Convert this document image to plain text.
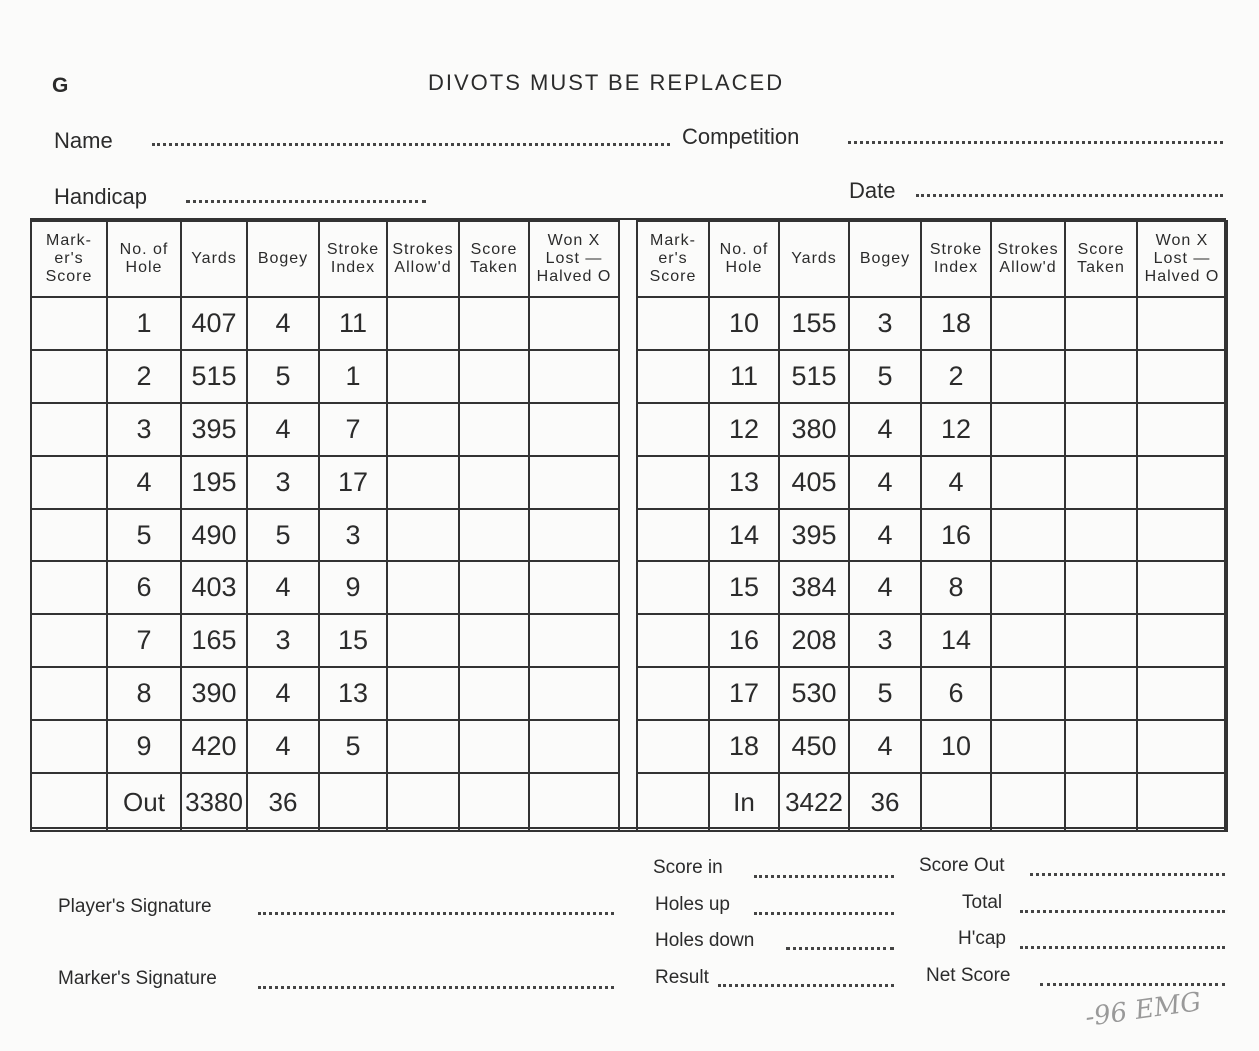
G	DIVOTS MUST BE REPLACED
Name	Competition
Handicap	Date
Mark-er's Score	No. of Hole	Yards	Bogey	Stroke Index	Strokes Allow'd	Score Taken	Won X Lost — Halved O
	1	407	4	11			
	2	515	5	1			
	3	395	4	7			
	4	195	3	17			
	5	490	5	3			
	6	403	4	9			
	7	165	3	15			
	8	390	4	13			
	9	420	4	5			
	Out	3380	36				
Mark-er's Score	No. of Hole	Yards	Bogey	Stroke Index	Strokes Allow'd	Score Taken	Won X Lost — Halved O
	10	155	3	18			
	11	515	5	2			
	12	380	4	12			
	13	405	4	4			
	14	395	4	16			
	15	384	4	8			
	16	208	3	14			
	17	530	5	6			
	18	450	4	10			
	In	3422	36				
Player's Signature
Marker's Signature
Score in
Holes up
Holes down
Result
Score Out
Total
H'cap
Net Score
-96 EMG
